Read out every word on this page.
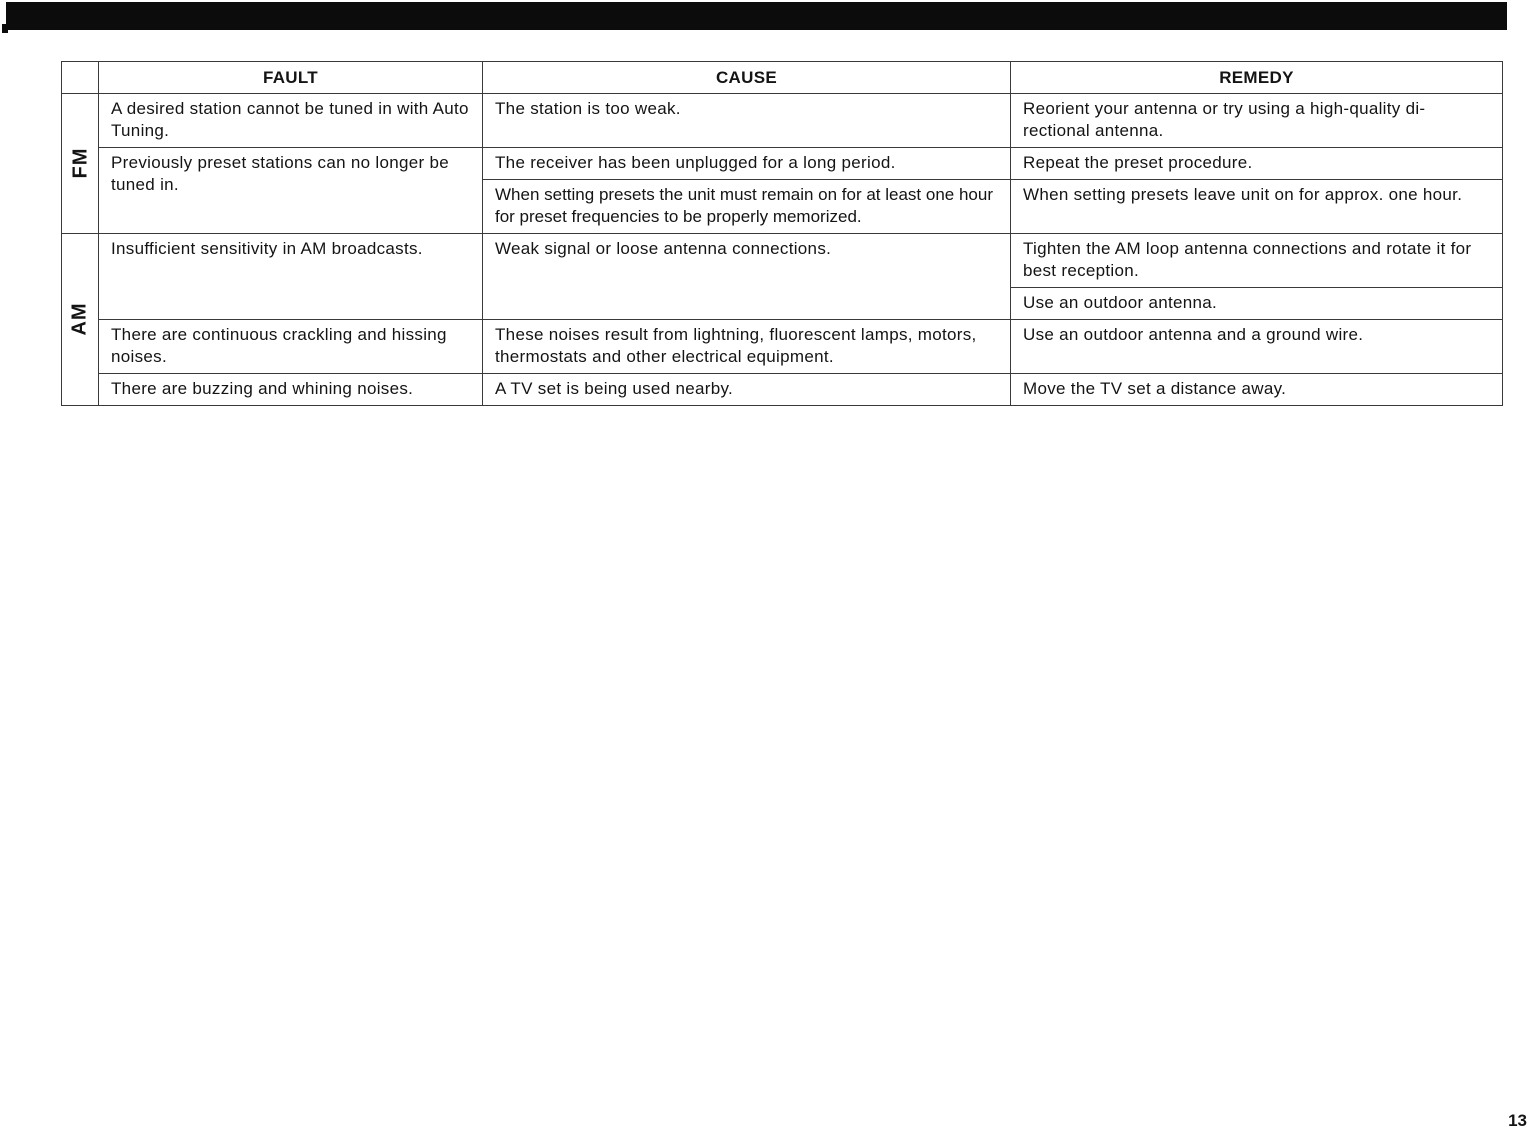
	FAULT	CAUSE	REMEDY
FM	A desired station cannot be tuned in with Auto Tuning.	The station is too weak.	Reorient your antenna or try using a high-quality di-rectional antenna.
	Previously preset stations can no longer be tuned in.	The receiver has been unplugged for a long period.	Repeat the preset procedure.
		When setting presets the unit must remain on for at least one hour for preset frequencies to be properly memorized.	When setting presets leave unit on for approx. one hour.
AM	Insufficient sensitivity in AM broadcasts.	Weak signal or loose antenna connections.	Tighten the AM loop antenna connections and rotate it for best reception.
			Use an outdoor antenna.
	There are continuous crackling and hissing noises.	These noises result from lightning, fluorescent lamps, motors, thermostats and other electrical equipment.	Use an outdoor antenna and a ground wire.
	There are buzzing and whining noises.	A TV set is being used nearby.	Move the TV set a distance away.
13
